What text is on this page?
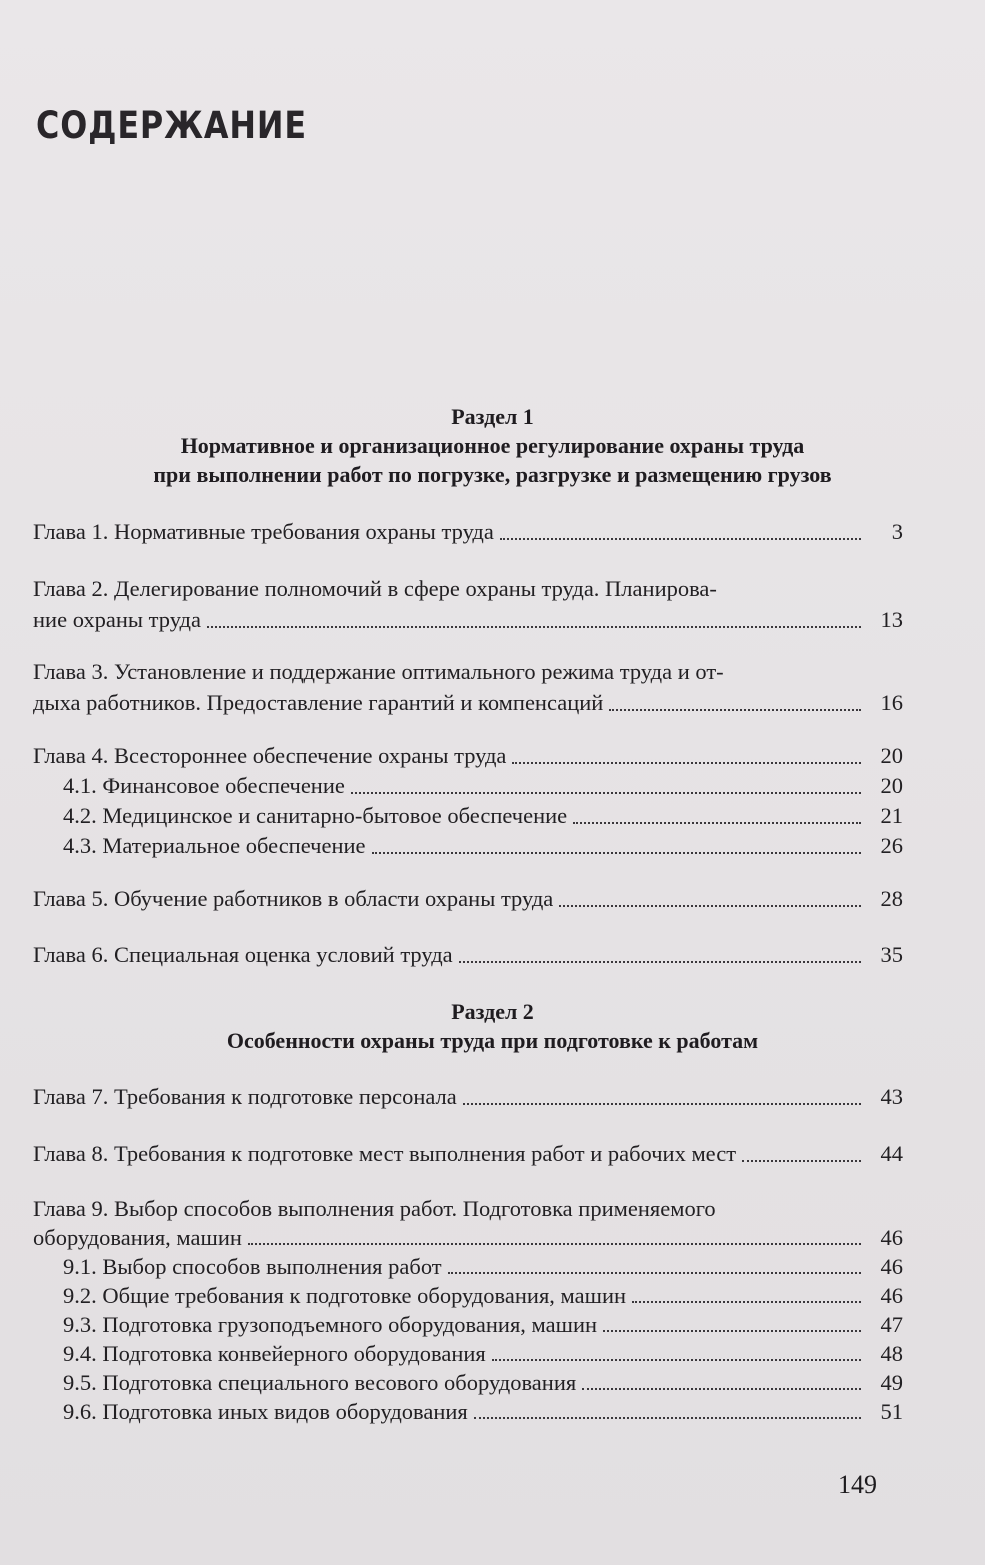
СОДЕРЖАНИЕ
Раздел 1
Нормативное и организационное регулирование охраны труда
при выполнении работ по погрузке, разгрузке и размещению грузов
Глава 1. Нормативные требования охраны труда	3
Глава 2. Делегирование полномочий в сфере охраны труда. Планирова-
ние охраны труда	13
Глава 3. Установление и поддержание оптимального режима труда и от-
дыха работников. Предоставление гарантий и компенсаций	16
Глава 4. Всестороннее обеспечение охраны труда	20
4.1. Финансовое обеспечение	20
4.2. Медицинское и санитарно-бытовое обеспечение	21
4.3. Материальное обеспечение	26
Глава 5. Обучение работников в области охраны труда	28
Глава 6. Специальная оценка условий труда	35
Раздел 2
Особенности охраны труда при подготовке к работам
Глава 7. Требования к подготовке персонала	43
Глава 8. Требования к подготовке мест выполнения работ и рабочих мест	44
Глава 9. Выбор способов выполнения работ. Подготовка применяемого
оборудования, машин	46
9.1. Выбор способов выполнения работ	46
9.2. Общие требования к подготовке оборудования, машин	46
9.3. Подготовка грузоподъемного оборудования, машин	47
9.4. Подготовка конвейерного оборудования	48
9.5. Подготовка специального весового оборудования	49
9.6. Подготовка иных видов оборудования	51
149
